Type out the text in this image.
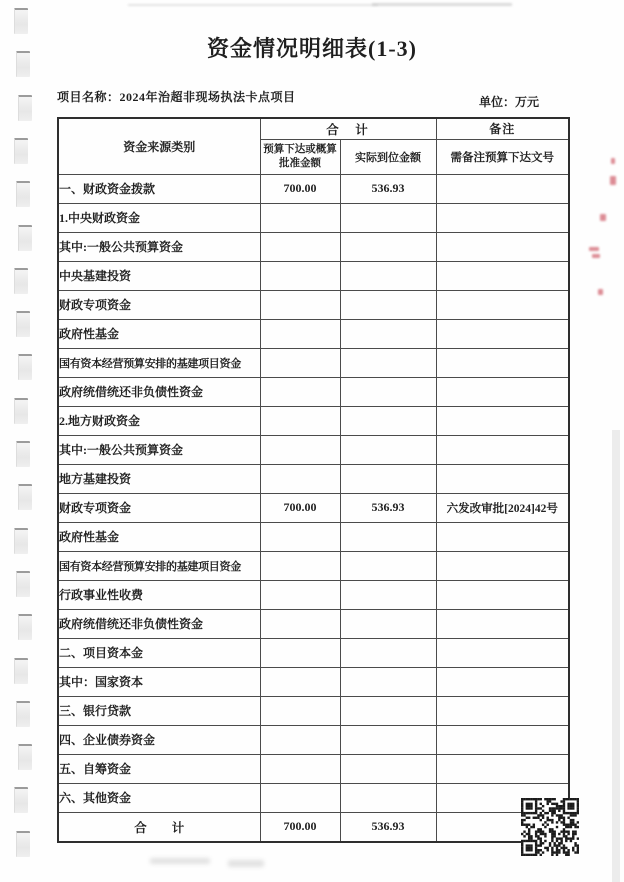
资金情况明细表(1-3)
项目名称：2024年治超非现场执法卡点项目	单位：万元
资金来源类别	合　计		备注
	预算下达或概算批准金额	实际到位金额	需备注预算下达文号
一、财政资金拨款	700.00	536.93	
1.中央财政资金			
其中:一般公共预算资金			
中央基建投资			
财政专项资金			
政府性基金			
国有资本经营预算安排的基建项目资金			
政府统借统还非负债性资金			
2.地方财政资金			
其中:一般公共预算资金			
地方基建投资			
财政专项资金	700.00	536.93	六发改审批[2024]42号
政府性基金			
国有资本经营预算安排的基建项目资金			
行政事业性收费			
政府统借统还非负债性资金			
二、项目资本金			
其中：国家资本			
三、银行贷款			
四、企业债券资金			
五、自筹资金			
六、其他资金			
合　　计	700.00	536.93	
